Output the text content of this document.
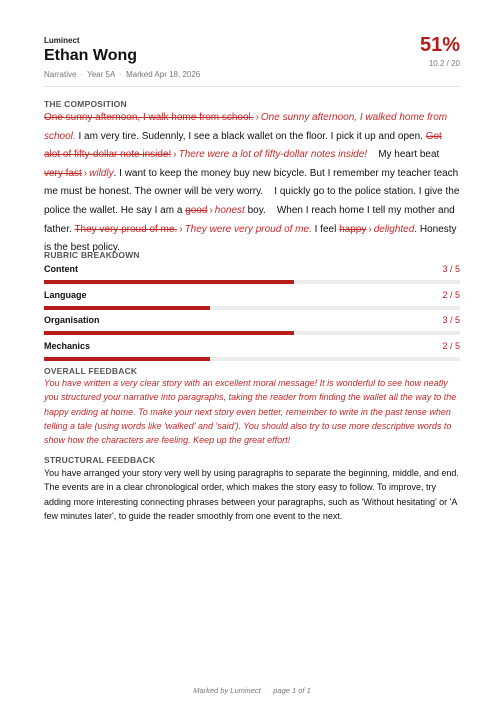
Luminect
Ethan Wong
Narrative · Year 5A · Marked Apr 18, 2026
51%
10.2 / 20
THE COMPOSITION
One sunny afternoon, I walk home from school. › One sunny afternoon, I walked home from school. I am very tire. Sudennly, I see a black wallet on the floor. I pick it up and open. Got alot of fifty-dollar note inside! › There were a lot of fifty-dollar notes inside!    My heart beat very fast › wildly. I want to keep the money buy new bicycle. But I remember my teacher teach me must be honest. The owner will be very worry.    I quickly go to the police station. I give the police the wallet. He say I am a good › honest boy.    When I reach home I tell my mother and father. They very proud of me. › They were very proud of me. I feel happy › delighted. Honesty is the best policy.
RUBRIC BREAKDOWN
Content	3 / 5
Language	2 / 5
Organisation	3 / 5
Mechanics	2 / 5
OVERALL FEEDBACK
You have written a very clear story with an excellent moral message! It is wonderful to see how neatly you structured your narrative into paragraphs, taking the reader from finding the wallet all the way to the happy ending at home. To make your next story even better, remember to write in the past tense when telling a tale (using words like 'walked' and 'said'). You should also try to use more descriptive words to show how the characters are feeling. Keep up the great effort!
STRUCTURAL FEEDBACK
You have arranged your story very well by using paragraphs to separate the beginning, middle, and end. The events are in a clear chronological order, which makes the story easy to follow. To improve, try adding more interesting connecting phrases between your paragraphs, such as 'Without hesitating' or 'A few minutes later', to guide the reader smoothly from one event to the next.
Marked by Luminect · page 1 of 1
